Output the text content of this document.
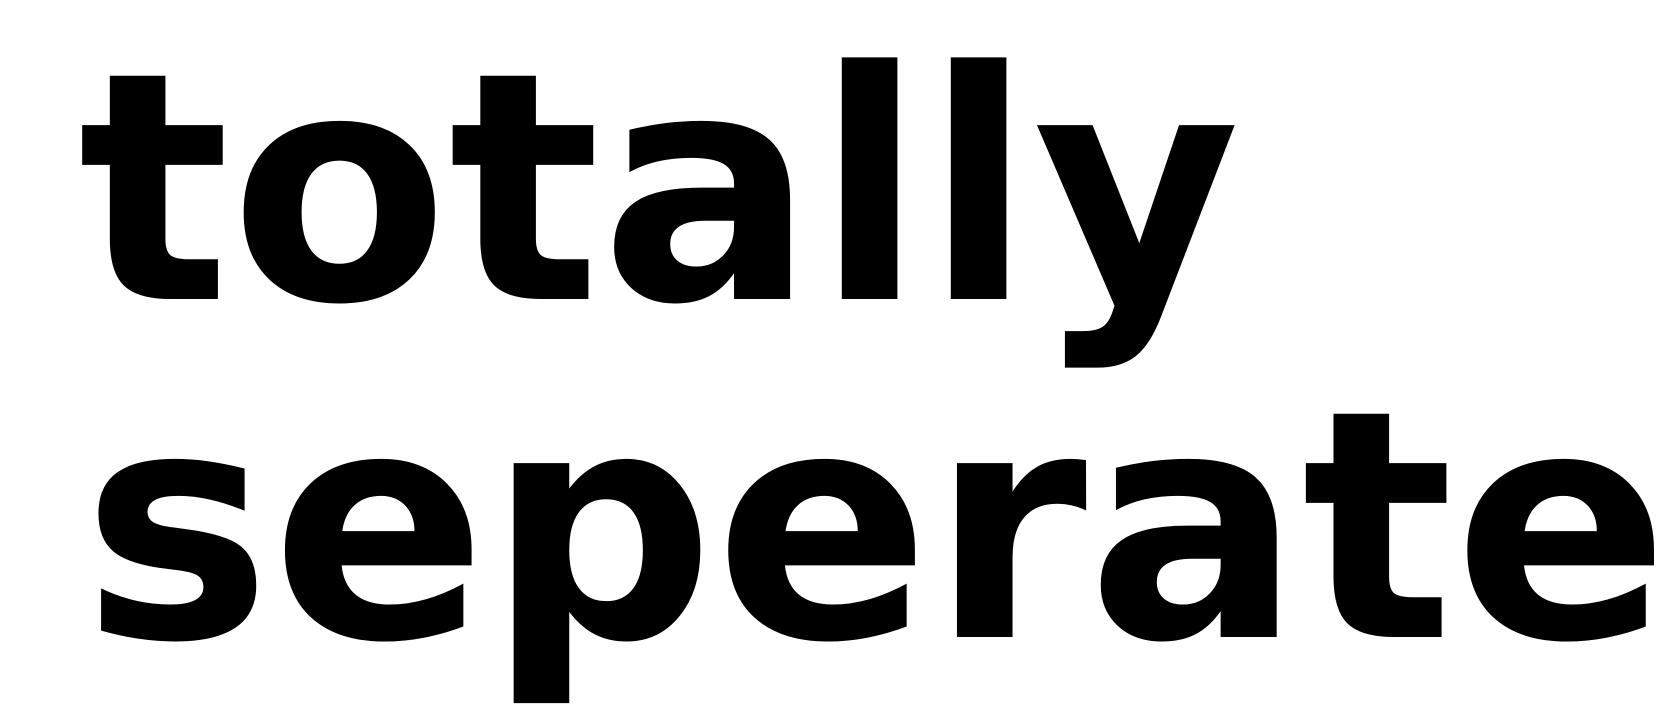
totally
seperate
